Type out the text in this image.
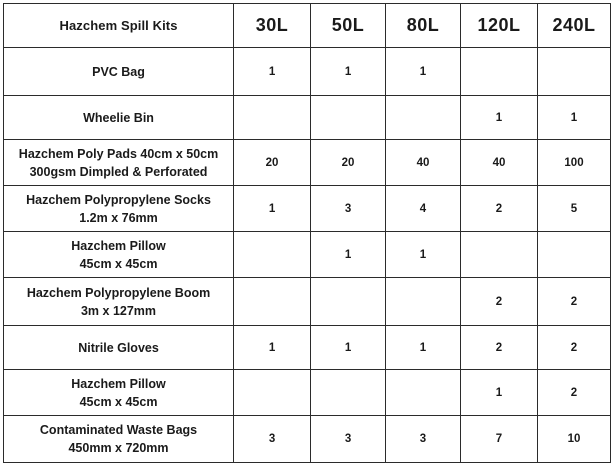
Hazchem Spill Kits	30L	50L	80L	120L	240L

PVC Bag	1	1	1		

Wheelie Bin				1	1

Hazchem Poly Pads 40cm x 50cm
300gsm Dimpled & Perforated	20	20	40	40	100

Hazchem Polypropylene Socks
1.2m x 76mm	1	3	4	2	5

Hazchem Pillow
45cm x 45cm		1	1		

Hazchem Polypropylene Boom
3m x 127mm				2	2

Nitrile Gloves	1	1	1	2	2

Hazchem Pillow
45cm x 45cm				1	2

Contaminated Waste Bags
450mm x 720mm	3	3	3	7	10
